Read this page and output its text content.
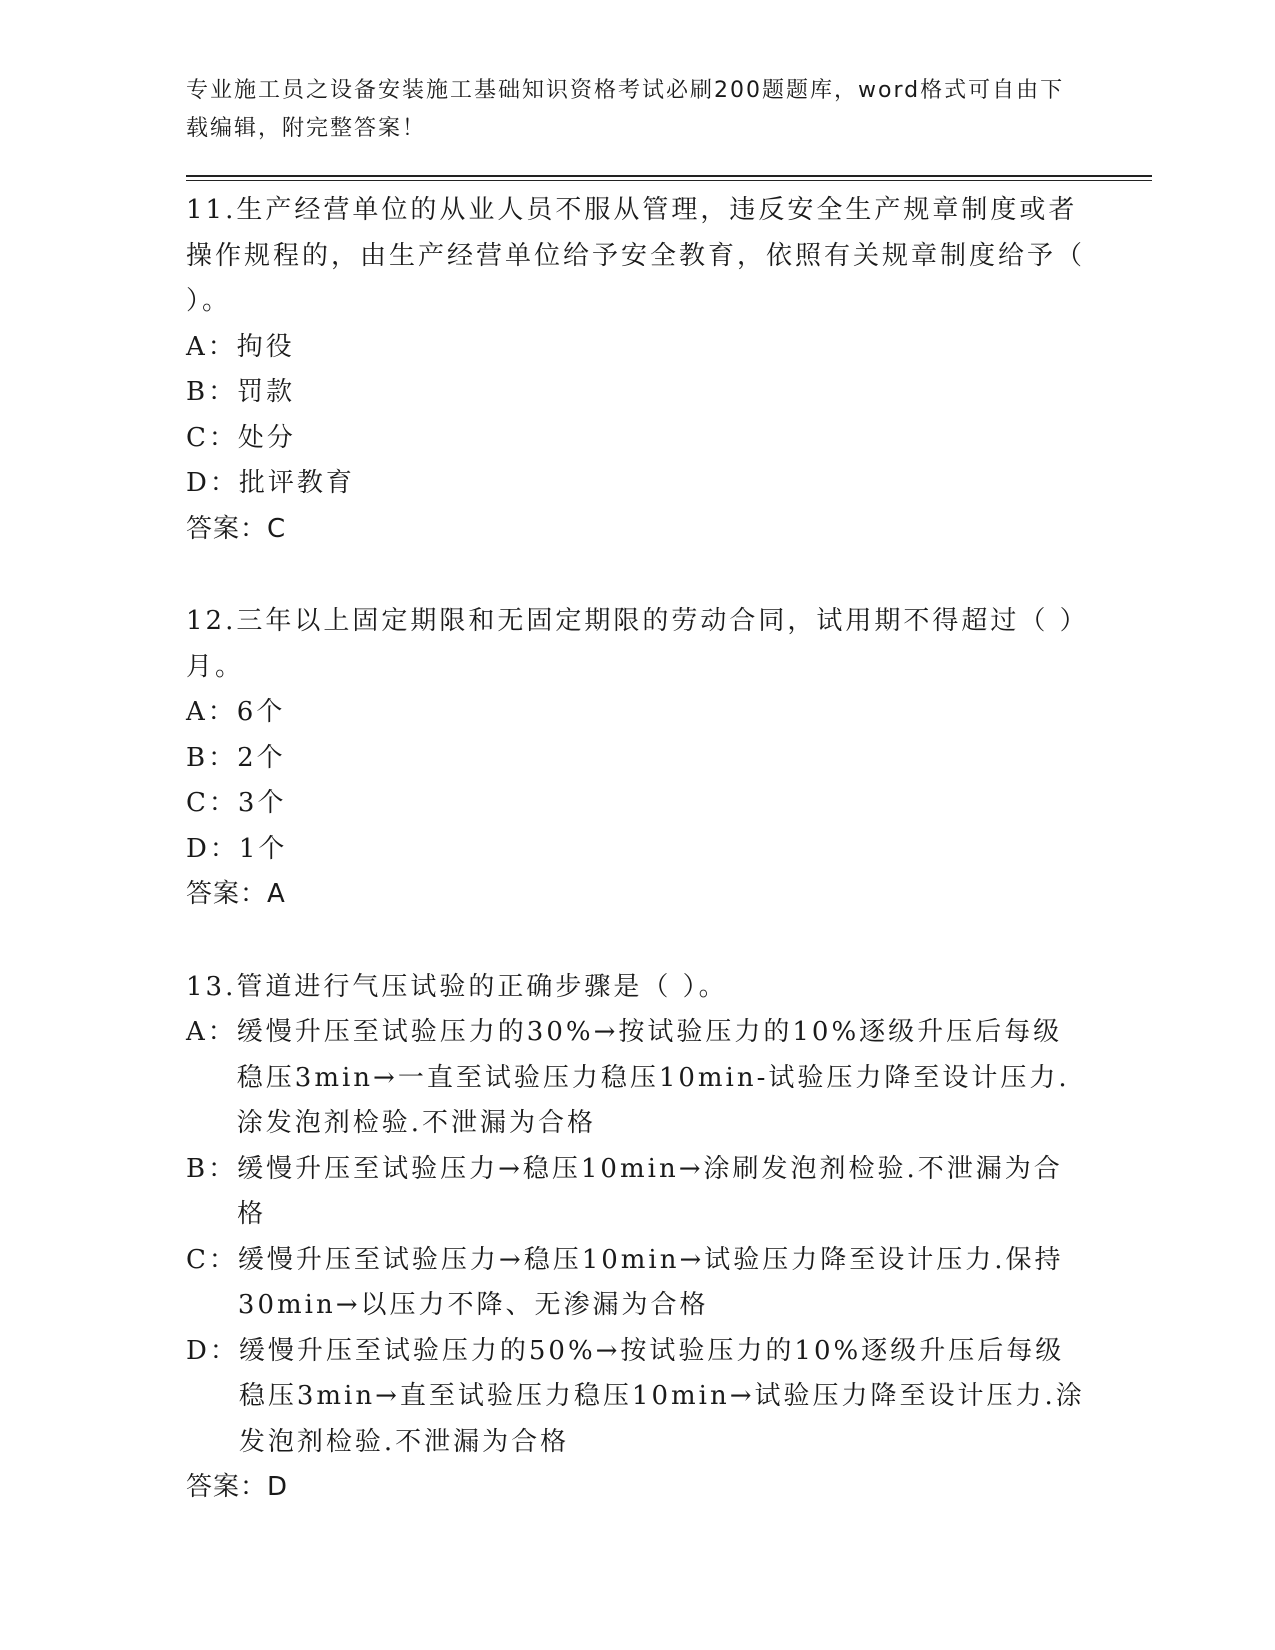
专业施工员之设备安装施工基础知识资格考试必刷200题题库，word格式可自由下载编辑，附完整答案！

11.生产经营单位的从业人员不服从管理，违反安全生产规章制度或者操作规程的，由生产经营单位给予安全教育，依照有关规章制度给予（ ）。

A： 拘役

B： 罚款

C： 处分

D： 批评教育

答案：C

12.三年以上固定期限和无固定期限的劳动合同，试用期不得超过（ ）月。

A： 6个

B： 2个

C： 3个

D： 1个

答案：A

13.管道进行气压试验的正确步骤是（ ）。

A： 缓慢升压至试验压力的30%→按试验压力的10%逐级升压后每级稳压3min→一直至试验压力稳压10min-试验压力降至设计压力.涂发泡剂检验.不泄漏为合格

B： 缓慢升压至试验压力→稳压10min→涂刷发泡剂检验.不泄漏为合格

C： 缓慢升压至试验压力→稳压10min→试验压力降至设计压力.保持30min→以压力不降、无渗漏为合格

D： 缓慢升压至试验压力的50%→按试验压力的10%逐级升压后每级稳压3min→直至试验压力稳压10min→试验压力降至设计压力.涂发泡剂检验.不泄漏为合格

答案：D
